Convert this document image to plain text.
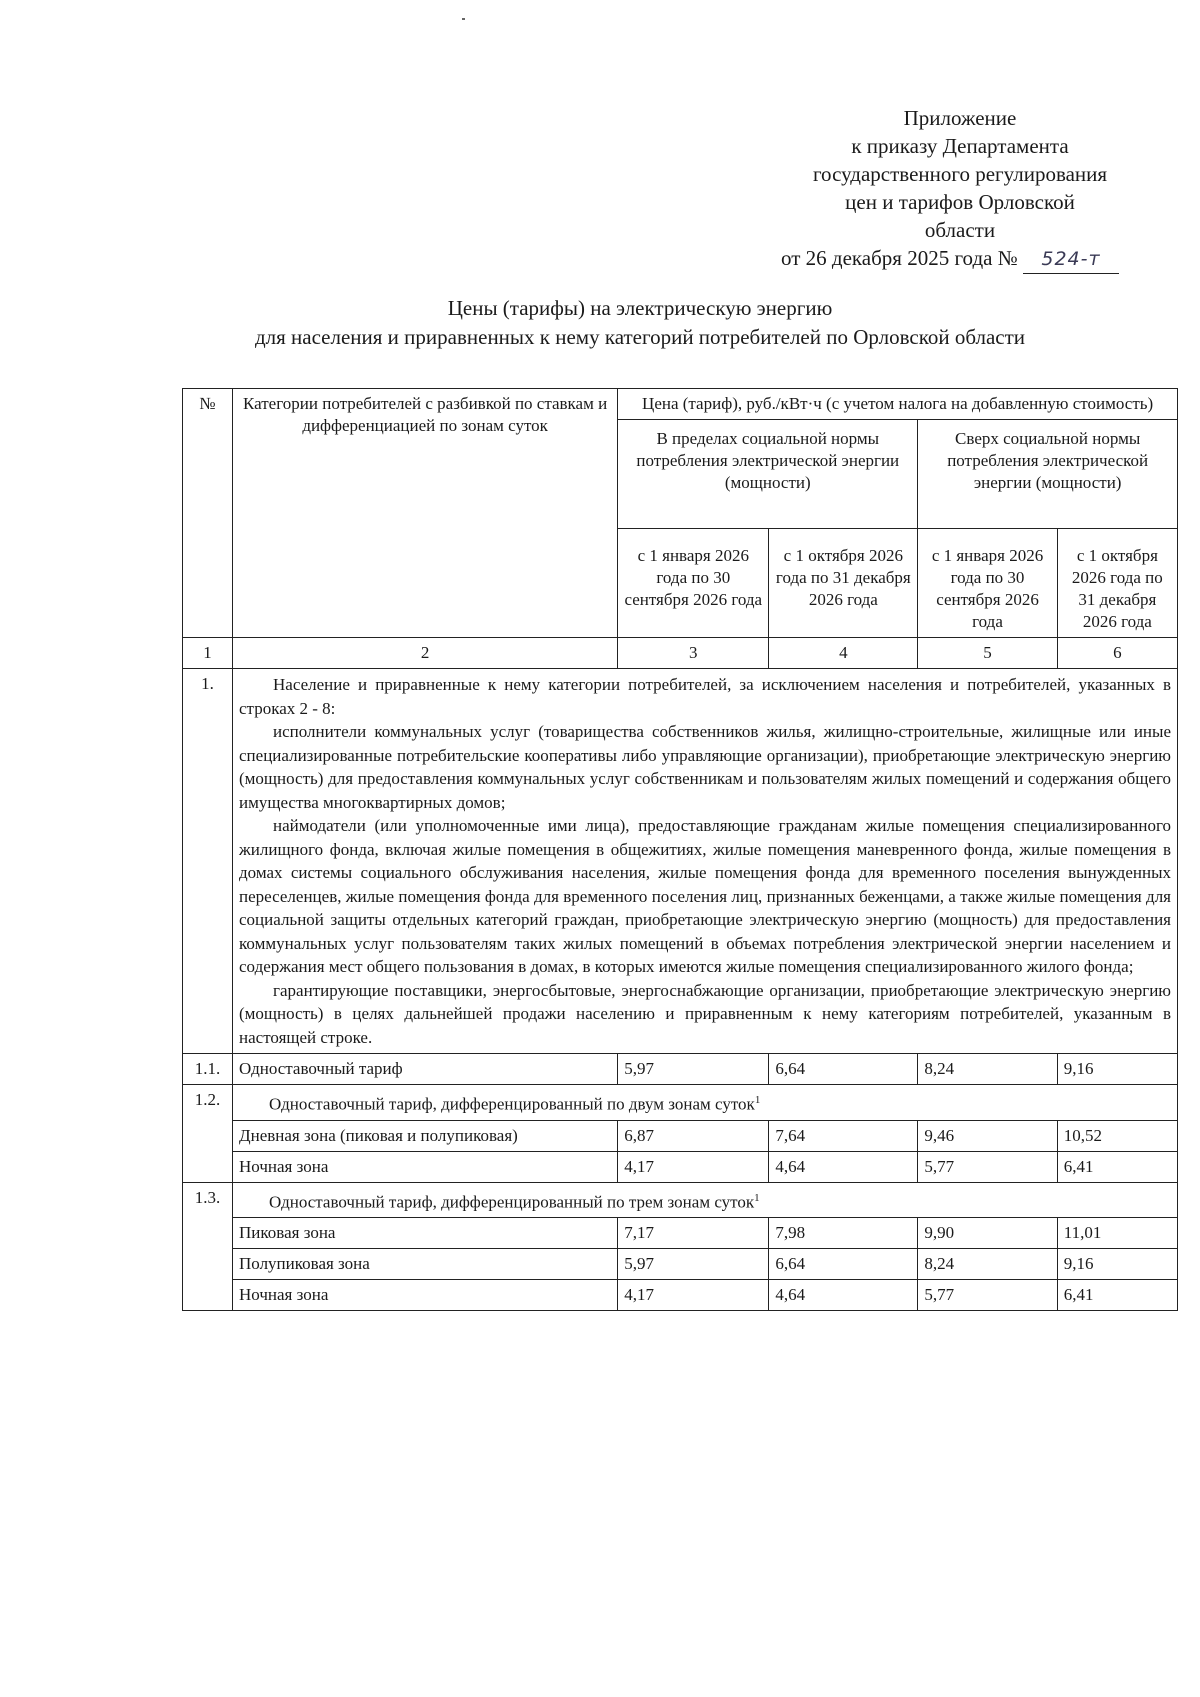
Приложение
к приказу Департамента
государственного регулирования
цен и тарифов Орловской
области
от 26 декабря 2025 года № 524-т
Цены (тарифы) на электрическую энергию
для населения и приравненных к нему категорий потребителей по Орловской области
№	Категории потребителей с разбивкой по ставкам и дифференциацией по зонам суток	Цена (тариф), руб./кВт·ч (с учетом налога на добавленную стоимость)			
		В пределах социальной нормы потребления электрической энергии (мощности)		Сверх социальной нормы потребления электрической энергии (мощности)	
		с 1 января 2026 года по 30 сентября 2026 года	с 1 октября 2026 года по 31 декабря 2026 года	с 1 января 2026 года по 30 сентября 2026 года	с 1 октября 2026 года по 31 декабря 2026 года
1	2	3	4	5	6
1.	Население и приравненные к нему категории потребителей, за исключением населения и потребителей, указанных в строках 2 - 8:

исполнители коммунальных услуг (товарищества собственников жилья, жилищно-строительные, жилищные или иные специализированные потребительские кооперативы либо управляющие организации), приобретающие электрическую энергию (мощность) для предоставления коммунальных услуг собственникам и пользователям жилых помещений и содержания общего имущества многоквартирных домов;

наймодатели (или уполномоченные ими лица), предоставляющие гражданам жилые помещения специализированного жилищного фонда, включая жилые помещения в общежитиях, жилые помещения маневренного фонда, жилые помещения в домах системы социального обслуживания населения, жилые помещения фонда для временного поселения вынужденных переселенцев, жилые помещения фонда для временного поселения лиц, признанных беженцами, а также жилые помещения для социальной защиты отдельных категорий граждан, приобретающие электрическую энергию (мощность) для предоставления коммунальных услуг пользователям таких жилых помещений в объемах потребления электрической энергии населением и содержания мест общего пользования в домах, в которых имеются жилые помещения специализированного жилого фонда;

гарантирующие поставщики, энергосбытовые, энергоснабжающие организации, приобретающие электрическую энергию (мощность) в целях дальнейшей продажи населению и приравненным к нему категориям потребителей, указанным в настоящей строке.				

1.1.	Одноставочный тариф	5,97	6,64	8,24	9,16
1.2.	Одноставочный тариф, дифференцированный по двум зонам суток$^1$
	Дневная зона (пиковая и полупиковая)	6,87	7,64	9,46	10,52
	Ночная зона	4,17	4,64	5,77	6,41
1.3.	Одноставочный тариф, дифференцированный по трем зонам суток$^1$
	Пиковая зона	7,17	7,98	9,90	11,01
	Полупиковая зона	5,97	6,64	8,24	9,16
	Ночная зона	4,17	4,64	5,77	6,41
